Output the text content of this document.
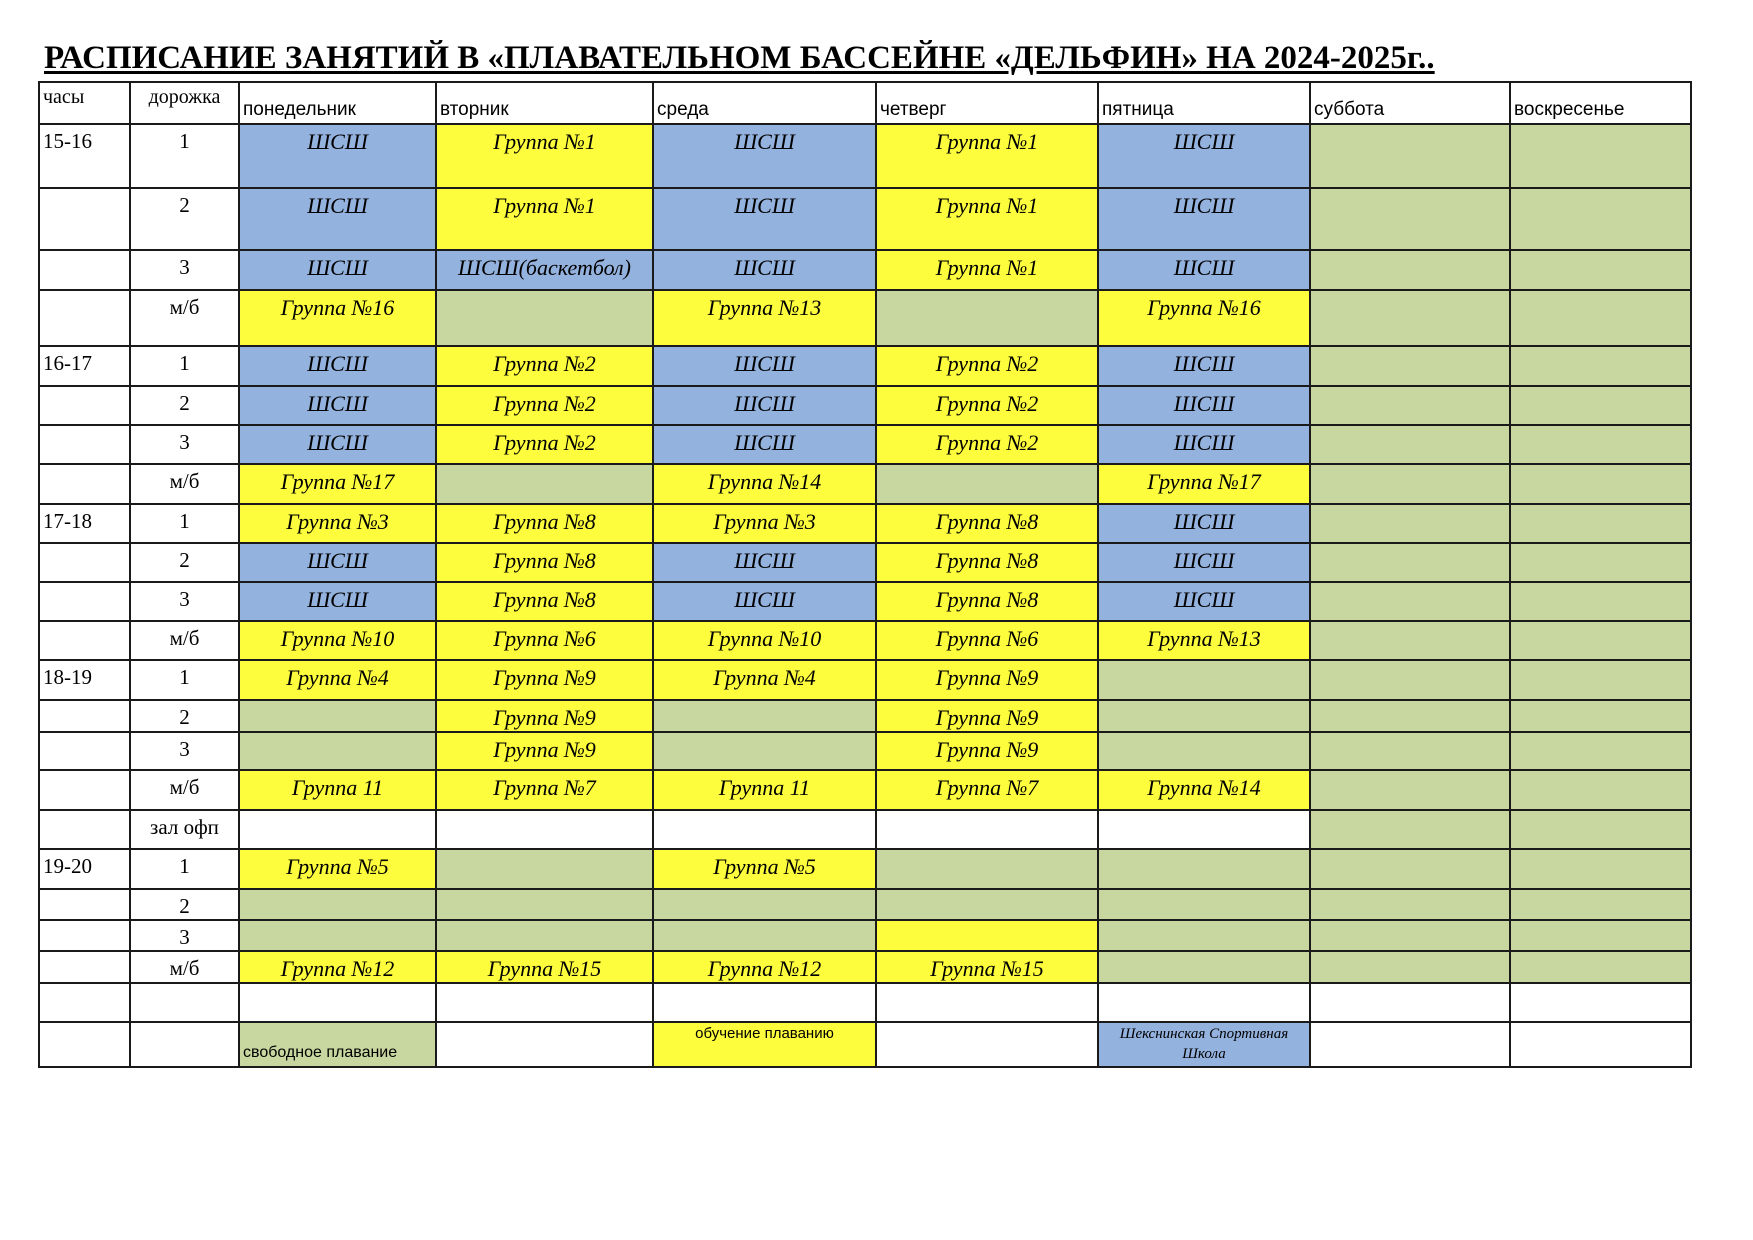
РАСПИСАНИЕ ЗАНЯТИЙ В «ПЛАВАТЕЛЬНОМ БАССЕЙНЕ «ДЕЛЬФИН» НА 2024-2025г..
часы	дорожка	понедельник	вторник	среда	четверг	пятница	суббота	воскресенье
15-16	1	ШСШ	Группа №1	ШСШ	Группа №1	ШСШ		
	2	ШСШ	Группа №1	ШСШ	Группа №1	ШСШ		
	3	ШСШ	ШСШ(баскетбол)	ШСШ	Группа №1	ШСШ		
	м/б	Группа №16		Группа №13		Группа №16		
16-17	1	ШСШ	Группа №2	ШСШ	Группа №2	ШСШ		
	2	ШСШ	Группа №2	ШСШ	Группа №2	ШСШ		
	3	ШСШ	Группа №2	ШСШ	Группа №2	ШСШ		
	м/б	Группа №17		Группа №14		Группа №17		
17-18	1	Группа №3	Группа №8	Группа №3	Группа №8	ШСШ		
	2	ШСШ	Группа №8	ШСШ	Группа №8	ШСШ		
	3	ШСШ	Группа №8	ШСШ	Группа №8	ШСШ		
	м/б	Группа №10	Группа №6	Группа №10	Группа №6	Группа №13		
18-19	1	Группа №4	Группа №9	Группа №4	Группа №9			
	2		Группа №9		Группа №9			
	3		Группа №9		Группа №9			
	м/б	Группа 11	Группа №7	Группа 11	Группа №7	Группа №14		
	зал офп							
19-20	1	Группа №5		Группа №5				
	2							
	3							
	м/б	Группа №12	Группа №15	Группа №12	Группа №15			

		свободное плавание		обучение плаванию		Шекснинская Спортивная Школа		
